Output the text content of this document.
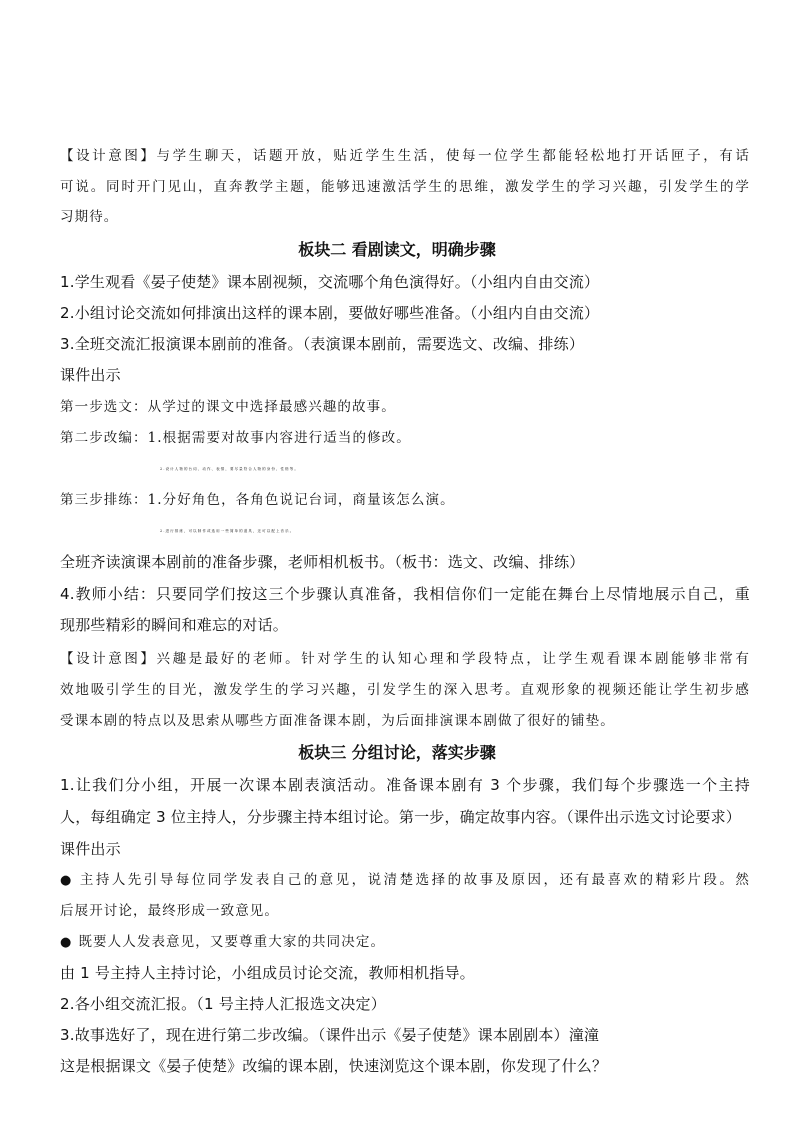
【设计意图】与学生聊天，话题开放，贴近学生生活，使每一位学生都能轻松地打开话匣子，有话
可说。同时开门见山，直奔教学主题，能够迅速激活学生的思维，激发学生的学习兴趣，引发学生的学
习期待。
板块二 看剧读文，明确步骤
1.学生观看《晏子使楚》课本剧视频，交流哪个角色演得好。（小组内自由交流）
2.小组讨论交流如何排演出这样的课本剧，要做好哪些准备。（小组内自由交流）
3.全班交流汇报演课本剧前的准备。（表演课本剧前，需要选文、改编、排练）
课件出示
第一步选文：从学过的课文中选择最感兴趣的故事。
第二步改编：1.根据需要对故事内容进行适当的修改。
2.设计人物的台词、动作、表情，要尽量符合人物的身份、性格等。
第三步排练：1.分好角色，各角色说记台词，商量该怎么演。
2.进行排练，可以制作或选用一些简单的道具，还可以配上音乐。
全班齐读演课本剧前的准备步骤，老师相机板书。（板书：选文、改编、排练）
4.教师小结：只要同学们按这三个步骤认真准备，我相信你们一定能在舞台上尽情地展示自己，重
现那些精彩的瞬间和难忘的对话。
【设计意图】兴趣是最好的老师。针对学生的认知心理和学段特点，让学生观看课本剧能够非常有
效地吸引学生的目光，激发学生的学习兴趣，引发学生的深入思考。直观形象的视频还能让学生初步感
受课本剧的特点以及思索从哪些方面准备课本剧，为后面排演课本剧做了很好的铺垫。
板块三 分组讨论，落实步骤
1.让我们分小组，开展一次课本剧表演活动。准备课本剧有 3 个步骤，我们每个步骤选一个主持
人，每组确定 3 位主持人，分步骤主持本组讨论。第一步，确定故事内容。（课件出示选文讨论要求）
课件出示
● 主持人先引导每位同学发表自己的意见，说清楚选择的故事及原因，还有最喜欢的精彩片段。然
后展开讨论，最终形成一致意见。
● 既要人人发表意见，又要尊重大家的共同决定。
由 1 号主持人主持讨论，小组成员讨论交流，教师相机指导。
2.各小组交流汇报。（1 号主持人汇报选文决定）
3.故事选好了，现在进行第二步改编。（课件出示《晏子使楚》课本剧剧本）潼潼
这是根据课文《晏子使楚》改编的课本剧，快速浏览这个课本剧，你发现了什么？
